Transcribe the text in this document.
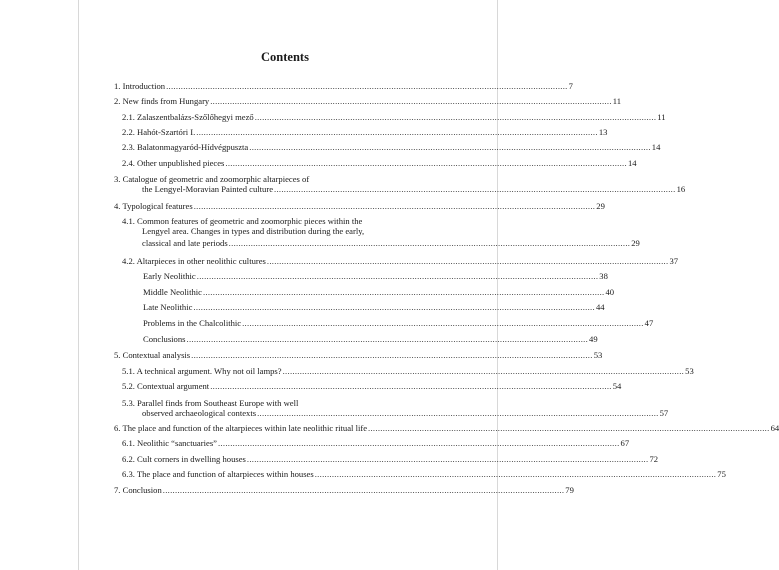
Contents
1. Introduction .................................................................................................................................................................... 7
2. New finds from Hungary .................................................................................................................................................................... 11
2.1. Zalaszentbalázs-Szőlőhegyi mező .................................................................................................................................................................... 11
2.2. Hahót-Szartóri I. .................................................................................................................................................................... 13
2.3. Balatonmagyaród-Hídvégpuszta .................................................................................................................................................................... 14
2.4. Other unpublished pieces .................................................................................................................................................................... 14
3. Catalogue of geometric and zoomorphic altarpieces of
the Lengyel-Moravian Painted culture .................................................................................................................................................................... 16
4. Typological features .................................................................................................................................................................... 29
4.1. Common features of geometric and zoomorphic pieces within the
Lengyel area. Changes in types and distribution during the early,
classical and late periods .................................................................................................................................................................... 29
4.2. Altarpieces in other neolithic cultures .................................................................................................................................................................... 37
Early Neolithic .................................................................................................................................................................... 38
Middle Neolithic .................................................................................................................................................................... 40
Late Neolithic .................................................................................................................................................................... 44
Problems in the Chalcolithic .................................................................................................................................................................... 47
Conclusions .................................................................................................................................................................... 49
5. Contextual analysis .................................................................................................................................................................... 53
5.1. A technical argument. Why not oil lamps? .................................................................................................................................................................... 53
5.2. Contextual argument .................................................................................................................................................................... 54
5.3. Parallel finds from Southeast Europe with well
observed archaeological contexts .................................................................................................................................................................... 57
6. The place and function of the altarpieces within late neolithic ritual life .................................................................................................................................................................... 64
6.1. Neolithic “sanctuaries” .................................................................................................................................................................... 67
6.2. Cult corners in dwelling houses .................................................................................................................................................................... 72
6.3. The place and function of altarpieces within houses .................................................................................................................................................................... 75
7. Conclusion .................................................................................................................................................................... 79
